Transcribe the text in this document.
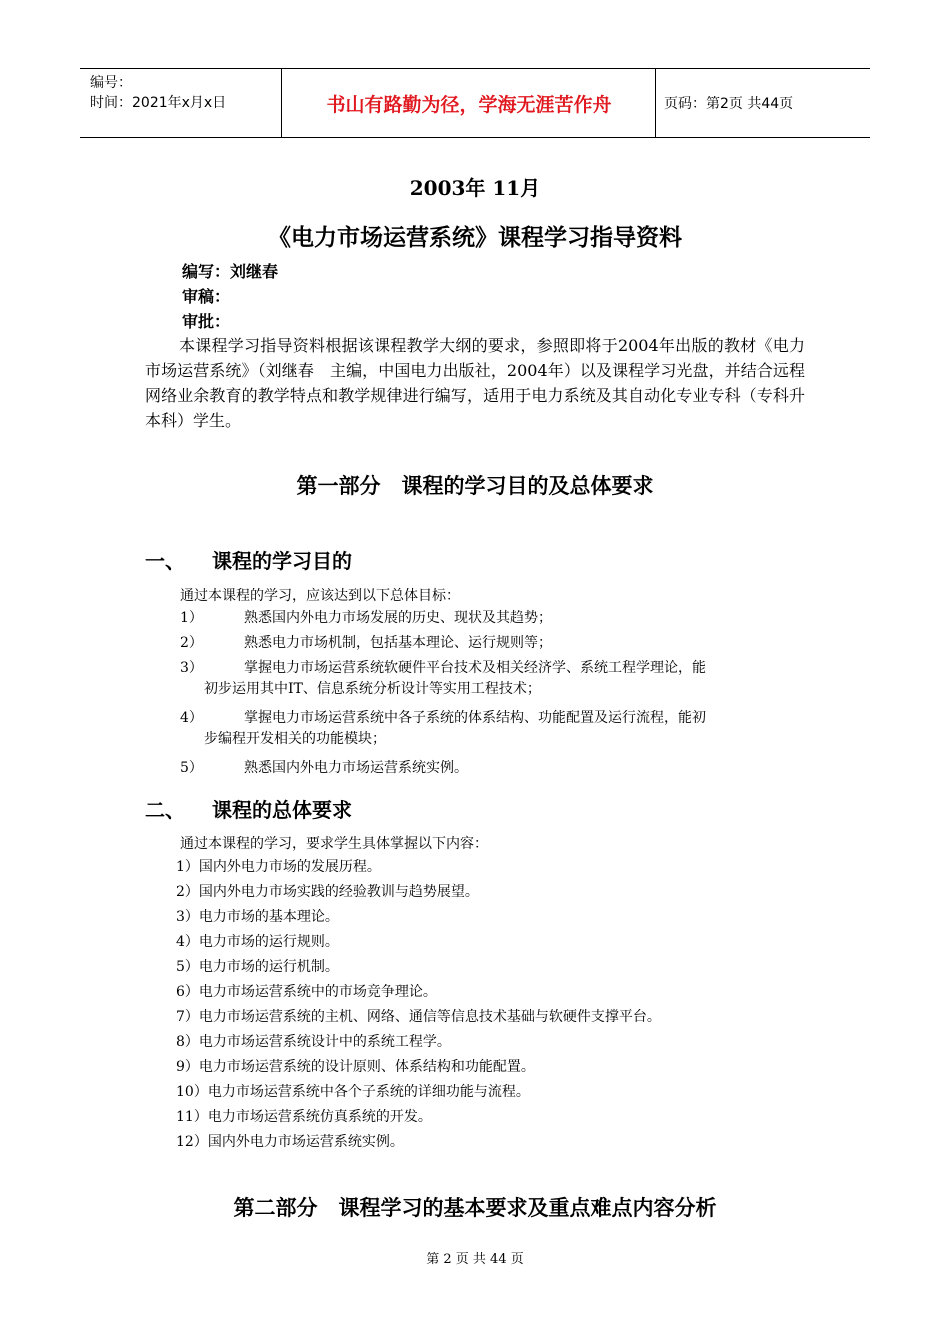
编号：
时间：2021年x月x日	书山有路勤为径，学海无涯苦作舟	页码：第2页 共44页
2003年 11月
《电力市场运营系统》课程学习指导资料
编写：刘继春
审稿：
审批：
本课程学习指导资料根据该课程教学大纲的要求，参照即将于2004年出版的教材《电力市场运营系统》（刘继春　主编，中国电力出版社，2004年）以及课程学习光盘，并结合远程网络业余教育的教学特点和教学规律进行编写，适用于电力系统及其自动化专业专科（专科升本科）学生。
第一部分　课程的学习目的及总体要求
一、 课程的学习目的
通过本课程的学习，应该达到以下总体目标：
1）	熟悉国内外电力市场发展的历史、现状及其趋势；
2）	熟悉电力市场机制，包括基本理论、运行规则等；
3）	掌握电力市场运营系统软硬件平台技术及相关经济学、系统工程学理论，能
初步运用其中IT、信息系统分析设计等实用工程技术；
4）	掌握电力市场运营系统中各子系统的体系结构、功能配置及运行流程，能初
步编程开发相关的功能模块；
5）	熟悉国内外电力市场运营系统实例。
二、 课程的总体要求
通过本课程的学习，要求学生具体掌握以下内容：
1）国内外电力市场的发展历程。
2）国内外电力市场实践的经验教训与趋势展望。
3）电力市场的基本理论。
4）电力市场的运行规则。
5）电力市场的运行机制。
6）电力市场运营系统中的市场竞争理论。
7）电力市场运营系统的主机、网络、通信等信息技术基础与软硬件支撑平台。
8）电力市场运营系统设计中的系统工程学。
9）电力市场运营系统的设计原则、体系结构和功能配置。
10）电力市场运营系统中各个子系统的详细功能与流程。
11）电力市场运营系统仿真系统的开发。
12）国内外电力市场运营系统实例。
第二部分　课程学习的基本要求及重点难点内容分析
第 2 页 共 44 页
